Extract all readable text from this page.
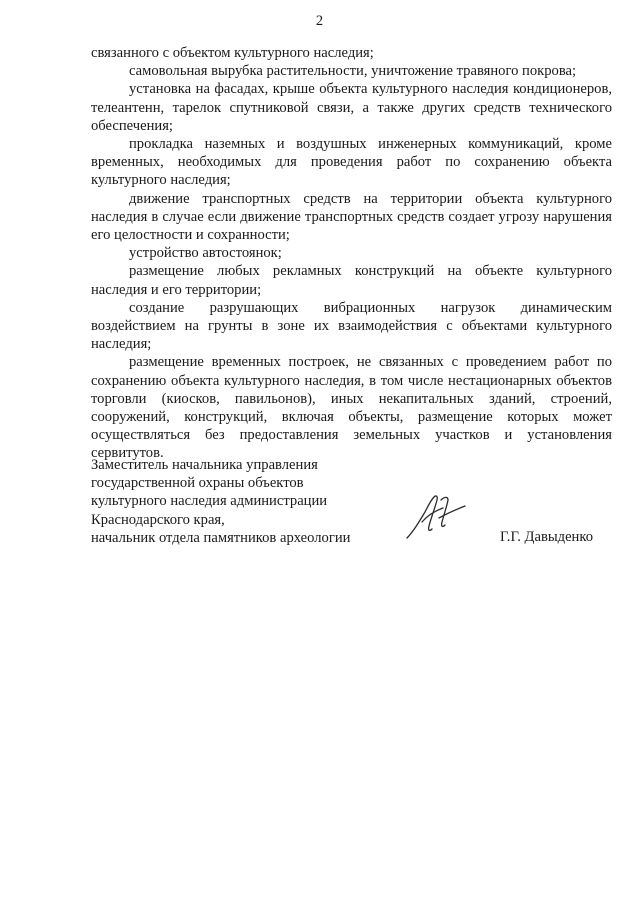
2

связанного с объектом культурного наследия;

самовольная вырубка растительности, уничтожение травяного покрова;

установка на фасадах, крыше объекта культурного наследия кондиционеров, телеантенн, тарелок спутниковой связи, а также других средств технического обеспечения;

прокладка наземных и воздушных инженерных коммуникаций, кроме временных, необходимых для проведения работ по сохранению объекта культурного наследия;

движение транспортных средств на территории объекта культурного наследия в случае если движение транспортных средств создает угрозу нарушения его целостности и сохранности;

устройство автостоянок;

размещение любых рекламных конструкций на объекте культурного наследия и его территории;

создание разрушающих вибрационных нагрузок динамическим воздействием на грунты в зоне их взаимодействия с объектами культурного наследия;

размещение временных построек, не связанных с проведением работ по сохранению объекта культурного наследия, в том числе нестационарных объектов торговли (киосков, павильонов), иных некапитальных зданий, строений, сооружений, конструкций, включая объекты, размещение которых может осуществляться без предоставления земельных участков и установления сервитутов.

Заместитель начальника управления
государственной охраны объектов
культурного наследия администрации
Краснодарского края,
начальник отдела памятников археологии	Г.Г. Давыденко
